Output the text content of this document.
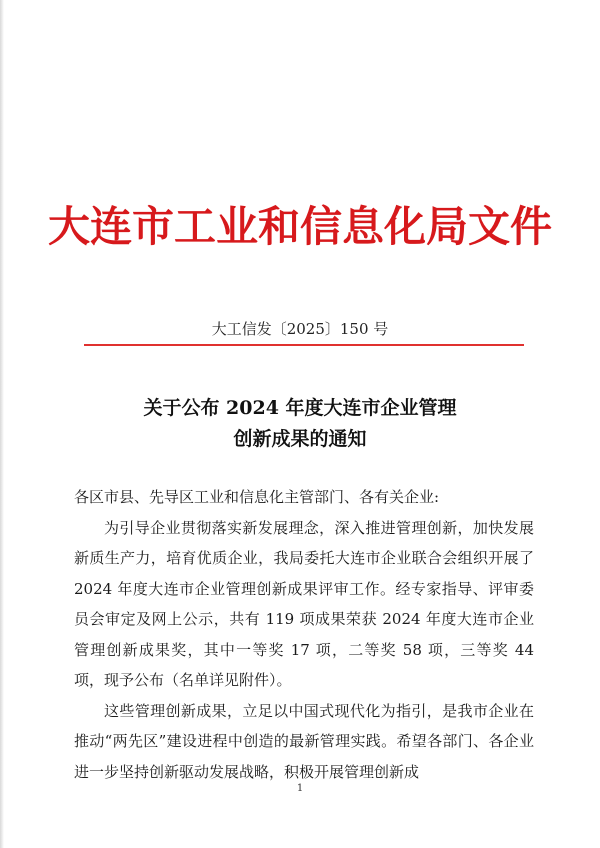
大连市工业和信息化局文件
大工信发〔2025〕150 号
关于公布 2024 年度大连市企业管理
创新成果的通知

各区市县、先导区工业和信息化主管部门、各有关企业:

为引导企业贯彻落实新发展理念，深入推进管理创新，加快发展新质生产力，培育优质企业，我局委托大连市企业联合会组织开展了 2024 年度大连市企业管理创新成果评审工作。经专家指导、评审委员会审定及网上公示，共有 119 项成果荣获 2024 年度大连市企业管理创新成果奖，其中一等奖 17 项，二等奖 58 项，三等奖 44 项，现予公布（名单详见附件）。

这些管理创新成果，立足以中国式现代化为指引，是我市企业在推动“两先区”建设进程中创造的最新管理实践。希望各部门、各企业进一步坚持创新驱动发展战略，积极开展管理创新成

1
